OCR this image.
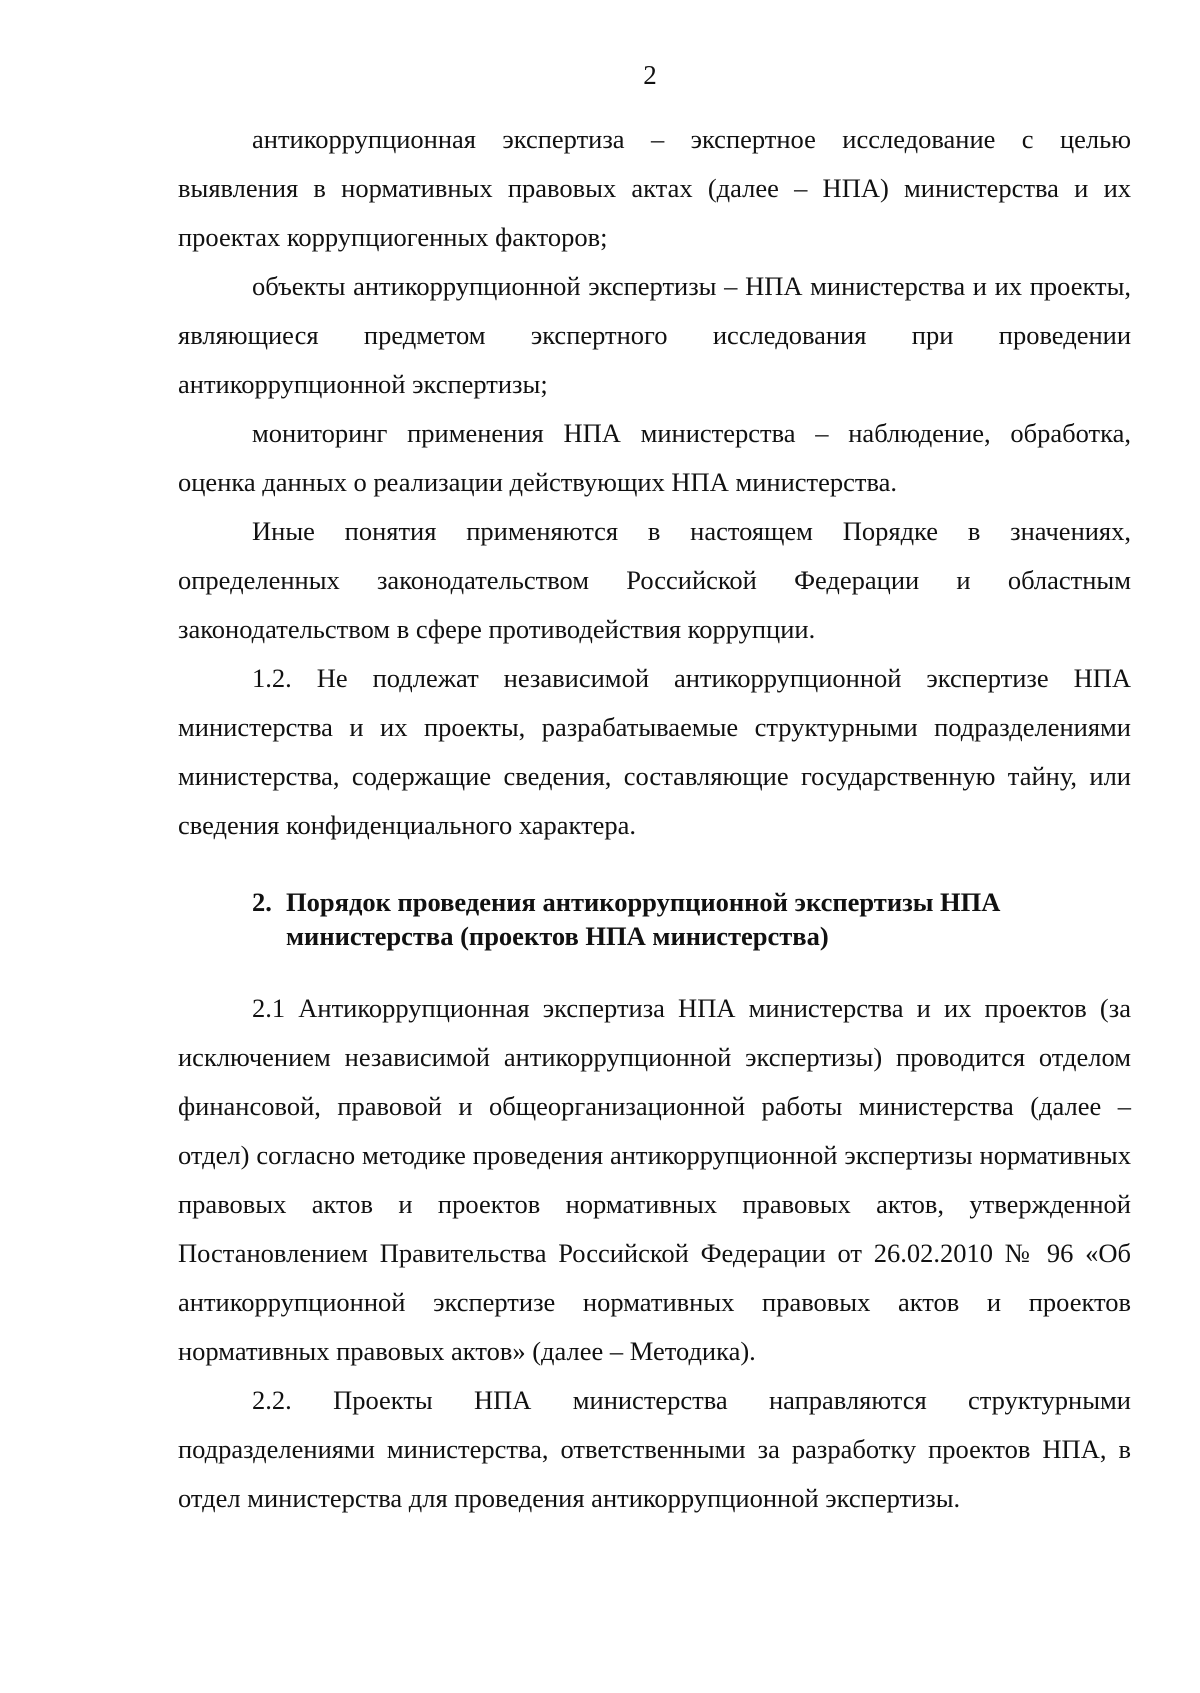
2

антикоррупционная экспертиза – экспертное исследование с целью выявления в нормативных правовых актах (далее – НПА) министерства и их проектах коррупциогенных факторов;

объекты антикоррупционной экспертизы – НПА министерства и их проекты, являющиеся предметом экспертного исследования при проведении антикоррупционной экспертизы;

мониторинг применения НПА министерства – наблюдение, обработка, оценка данных о реализации действующих НПА министерства.

Иные понятия применяются в настоящем Порядке в значениях, определенных законодательством Российской Федерации и областным законодательством в сфере противодействия коррупции.

1.2. Не подлежат независимой антикоррупционной экспертизе НПА министерства и их проекты, разрабатываемые структурными подразделениями министерства, содержащие сведения, составляющие государственную тайну, или сведения конфиденциального характера.

2. Порядок проведения антикоррупционной экспертизы НПА
министерства (проектов НПА министерства)

2.1 Антикоррупционная экспертиза НПА министерства и их проектов (за исключением независимой антикоррупционной экспертизы) проводится отделом финансовой, правовой и общеорганизационной работы министерства (далее – отдел) согласно методике проведения антикоррупционной экспертизы нормативных правовых актов и проектов нормативных правовых актов, утвержденной Постановлением Правительства Российской Федерации от 26.02.2010 № 96 «Об антикоррупционной экспертизе нормативных правовых актов и проектов нормативных правовых актов» (далее – Методика).

2.2. Проекты НПА министерства направляются структурными подразделениями министерства, ответственными за разработку проектов НПА, в отдел министерства для проведения антикоррупционной экспертизы.
